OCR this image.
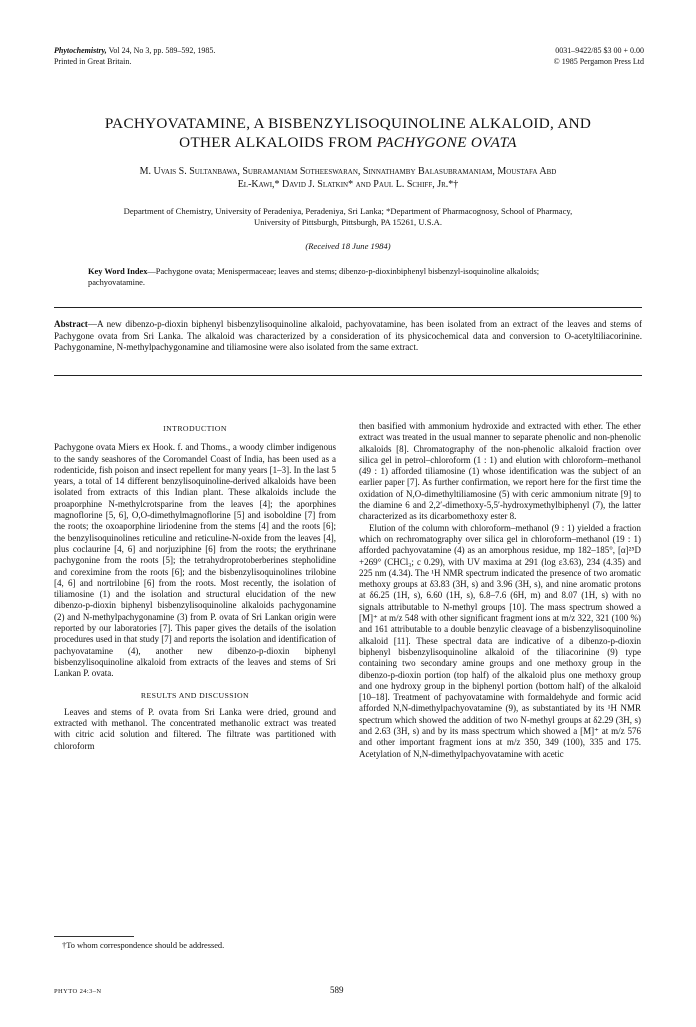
Phytochemistry, Vol 24, No 3, pp. 589–592, 1985.
Printed in Great Britain.
0031–9422/85 $3 00 + 0.00
© 1985 Pergamon Press Ltd
PACHYOVATAMINE, A BISBENZYLISOQUINOLINE ALKALOID, AND
OTHER ALKALOIDS FROM PACHYGONE OVATA
M. Uvais S. Sultanbawa, Subramaniam Sotheeswaran, Sinnathamby Balasubramaniam, Moustafa Abd
El-Kawi,* David J. Slatkin* and Paul L. Schiff, Jr.*†
Department of Chemistry, University of Peradeniya, Peradeniya, Sri Lanka; *Department of Pharmacognosy, School of Pharmacy,
University of Pittsburgh, Pittsburgh, PA 15261, U.S.A.
(Received 18 June 1984)
Key Word Index—Pachygone ovata; Menispermaceae; leaves and stems; dibenzo-p-dioxinbiphenyl bisbenzyl-isoquinoline alkaloids; pachyovatamine.
Abstract—A new dibenzo-p-dioxin biphenyl bisbenzylisoquinoline alkaloid, pachyovatamine, has been isolated from an extract of the leaves and stems of Pachygone ovata from Sri Lanka. The alkaloid was characterized by a consideration of its physicochemical data and conversion to O-acetyltiliacorinine. Pachygonamine, N-methylpachygonamine and tiliamosine were also isolated from the same extract.
INTRODUCTION

Pachygone ovata Miers ex Hook. f. and Thoms., a woody climber indigenous to the sandy seashores of the Coromandel Coast of India, has been used as a rodenticide, fish poison and insect repellent for many years [1–3]. In the last 5 years, a total of 14 different benzylisoquinoline-derived alkaloids have been isolated from extracts of this Indian plant. These alkaloids include the proaporphine N-methylcrotsparine from the leaves [4]; the aporphines magnoflorine [5, 6], O,O-dimethylmagnoflorine [5] and isoboldine [7] from the roots; the oxoaporphine liriodenine from the stems [4] and the roots [6]; the benzylisoquinolines reticuline and reticuline-N-oxide from the leaves [4], plus coclaurine [4, 6] and norjuziphine [6] from the roots; the erythrinane pachygonine from the roots [5]; the tetrahydroprotoberberines stepholidine and coreximine from the roots [6]; and the bisbenzylisoquinolines trilobine [4, 6] and nortrilobine [6] from the roots. Most recently, the isolation of tiliamosine (1) and the isolation and structural elucidation of the new dibenzo-p-dioxin biphenyl bisbenzylisoquinoline alkaloids pachygonamine (2) and N-methylpachygonamine (3) from P. ovata of Sri Lankan origin were reported by our laboratories [7]. This paper gives the details of the isolation procedures used in that study [7] and reports the isolation and identification of pachyovatamine (4), another new dibenzo-p-dioxin biphenyl bisbenzylisoquinoline alkaloid from extracts of the leaves and stems of Sri Lankan P. ovata.

RESULTS AND DISCUSSION

Leaves and stems of P. ovata from Sri Lanka were dried, ground and extracted with methanol. The concentrated methanolic extract was treated with citric acid solution and filtered. The filtrate was partitioned with chloroform

then basified with ammonium hydroxide and extracted with ether. The ether extract was treated in the usual manner to separate phenolic and non-phenolic alkaloids [8]. Chromatography of the non-phenolic alkaloid fraction over silica gel in petrol–chloroform (1 : 1) and elution with chloroform–methanol (49 : 1) afforded tiliamosine (1) whose identification was the subject of an earlier paper [7]. As further confirmation, we report here for the first time the oxidation of N,O-dimethyltiliamosine (5) with ceric ammonium nitrate [9] to the diamine 6 and 2,2′-dimethoxy-5,5′-hydroxymethylbiphenyl (7), the latter characterized as its dicarbomethoxy ester 8.

Elution of the column with chloroform–methanol (9 : 1) yielded a fraction which on rechromatography over silica gel in chloroform–methanol (19 : 1) afforded pachyovatamine (4) as an amorphous residue, mp 182–185°, [α]²⁵D +269° (CHCl₃; c 0.29), with UV maxima at 291 (log ε3.63), 234 (4.35) and 225 nm (4.34). The ¹H NMR spectrum indicated the presence of two aromatic methoxy groups at δ3.83 (3H, s) and 3.96 (3H, s), and nine aromatic protons at δ6.25 (1H, s), 6.60 (1H, s), 6.8–7.6 (6H, m) and 8.07 (1H, s) with no signals attributable to N-methyl groups [10]. The mass spectrum showed a [M]⁺ at m/z 548 with other significant fragment ions at m/z 322, 321 (100 %) and 161 attributable to a double benzylic cleavage of a bisbenzylisoquinoline alkaloid [11]. These spectral data are indicative of a dibenzo-p-dioxin biphenyl bisbenzylisoquinoline alkaloid of the tiliacorinine (9) type containing two secondary amine groups and one methoxy group in the dibenzo-p-dioxin portion (top half) of the alkaloid plus one methoxy group and one hydroxy group in the biphenyl portion (bottom half) of the alkaloid [10–18]. Treatment of pachyovatamine with formaldehyde and formic acid afforded N,N-dimethylpachyovatamine (9), as substantiated by its ¹H NMR spectrum which showed the addition of two N-methyl groups at δ2.29 (3H, s) and 2.63 (3H, s) and by its mass spectrum which showed a [M]⁺ at m/z 576 and other important fragment ions at m/z 350, 349 (100), 335 and 175. Acetylation of N,N-dimethylpachyovatamine with acetic

†To whom correspondence should be addressed.
PHYTO 24:3–N	589
